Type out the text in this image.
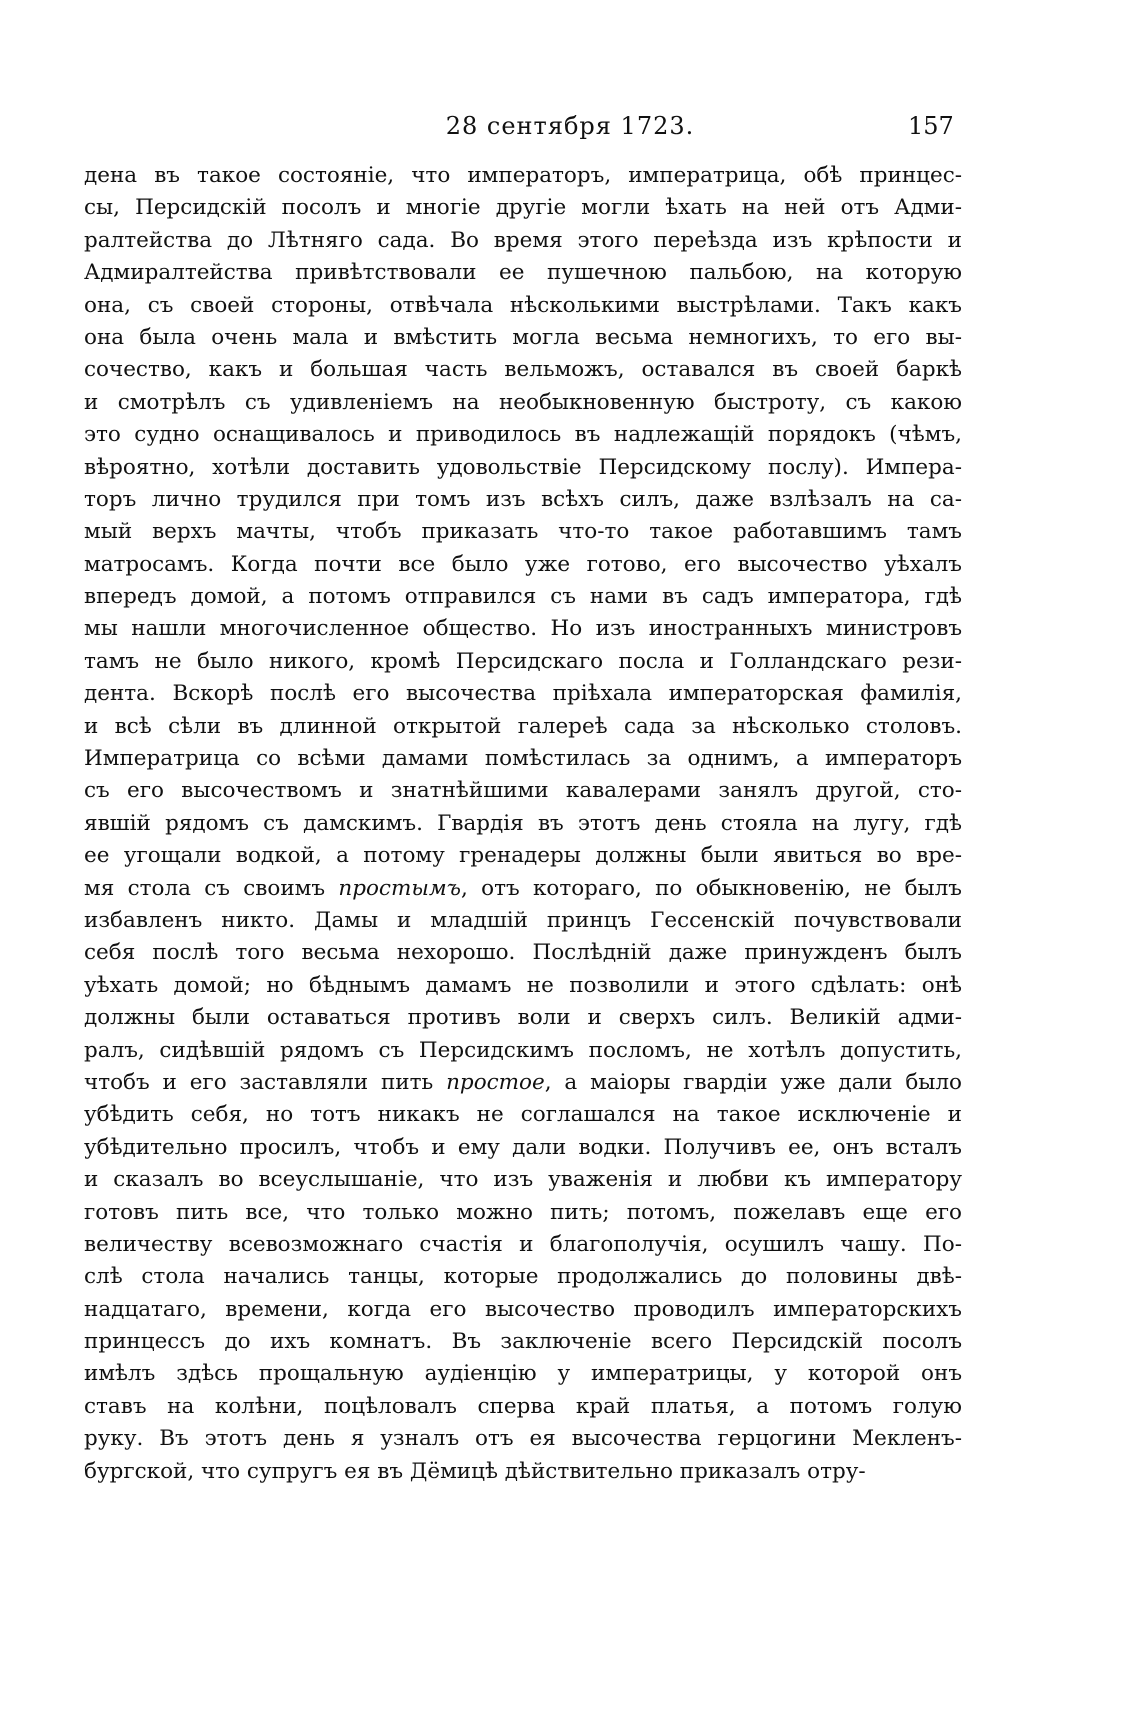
28 сентября 1723.	157
дена въ такое состояніе, что императоръ, императрица, обѣ принцес-
сы, Персидскій посолъ и многіе другіе могли ѣхать на ней отъ Адми-
ралтейства до Лѣтняго сада. Во время этого переѣзда изъ крѣпости и
Адмиралтейства привѣтствовали ее пушечною пальбою, на которую
она, съ своей стороны, отвѣчала нѣсколькими выстрѣлами. Такъ какъ
она была очень мала и вмѣстить могла весьма немногихъ, то его вы-
сочество, какъ и большая часть вельможъ, оставался въ своей баркѣ
и смотрѣлъ съ удивленіемъ на необыкновенную быстроту, съ какою
это судно оснащивалось и приводилось въ надлежащій порядокъ (чѣмъ,
вѣроятно, хотѣли доставить удовольствіе Персидскому послу). Импера-
торъ лично трудился при томъ изъ всѣхъ силъ, даже взлѣзалъ на са-
мый верхъ мачты, чтобъ приказать что-то такое работавшимъ тамъ
матросамъ. Когда почти все было уже готово, его высочество уѣхалъ
впередъ домой, а потомъ отправился съ нами въ садъ императора, гдѣ
мы нашли многочисленное общество. Но изъ иностранныхъ министровъ
тамъ не было никого, кромѣ Персидскаго посла и Голландскаго рези-
дента. Вскорѣ послѣ его высочества пріѣхала императорская фамилія,
и всѣ сѣли въ длинной открытой галереѣ сада за нѣсколько столовъ.
Императрица со всѣми дамами помѣстилась за однимъ, а императоръ
съ его высочествомъ и знатнѣйшими кавалерами занялъ другой, сто-
явшій рядомъ съ дамскимъ. Гвардія въ этотъ день стояла на лугу, гдѣ
ее угощали водкой, а потому гренадеры должны были явиться во вре-
мя стола съ своимъ простымъ, отъ котораго, по обыкновенію, не былъ
избавленъ никто. Дамы и младшій принцъ Гессенскій почувствовали
себя послѣ того весьма нехорошо. Послѣдній даже принужденъ былъ
уѣхать домой; но бѣднымъ дамамъ не позволили и этого сдѣлать: онѣ
должны были оставаться противъ воли и сверхъ силъ. Великій адми-
ралъ, сидѣвшій рядомъ съ Персидскимъ посломъ, не хотѣлъ допустить,
чтобъ и его заставляли пить простое, а маіоры гвардіи уже дали было
убѣдить себя, но тотъ никакъ не соглашался на такое исключеніе и
убѣдительно просилъ, чтобъ и ему дали водки. Получивъ ее, онъ всталъ
и сказалъ во всеуслышаніе, что изъ уваженія и любви къ императору
готовъ пить все, что только можно пить; потомъ, пожелавъ еще его
величеству всевозможнаго счастія и благополучія, осушилъ чашу. По-
слѣ стола начались танцы, которые продолжались до половины двѣ-
надцатаго, времени, когда его высочество проводилъ императорскихъ
принцессъ до ихъ комнатъ. Въ заключеніе всего Персидскій посолъ
имѣлъ здѣсь прощальную аудіенцію у императрицы, у которой онъ
ставъ на колѣни, поцѣловалъ сперва край платья, а потомъ голую
руку. Въ этотъ день я узналъ отъ ея высочества герцогини Мекленъ-
бургской, что супругъ ея въ Дёмицѣ дѣйствительно приказалъ отру-
